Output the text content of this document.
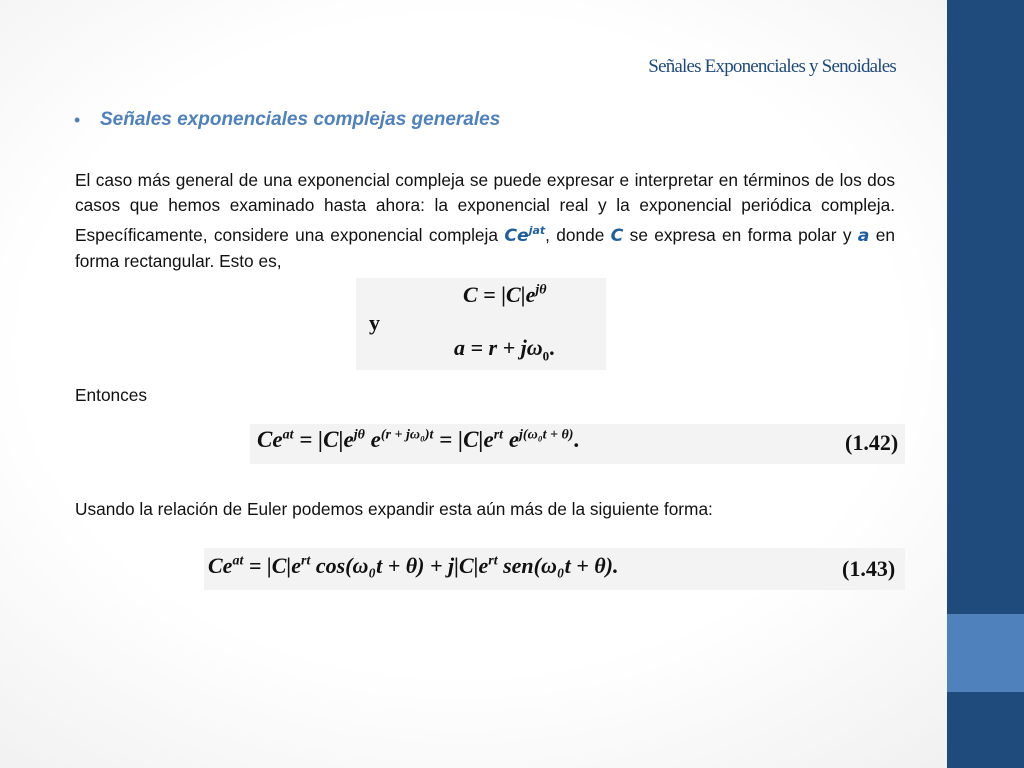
Señales Exponenciales y Senoidales
• Señales exponenciales complejas generales
El caso más general de una exponencial compleja se puede expresar e interpretar en términos de los dos casos que hemos examinado hasta ahora: la exponencial real y la exponencial periódica compleja. Específicamente, considere una exponencial compleja $Ce^{jat}$, donde C se expresa en forma polar y a en forma rectangular. Esto es,
y
$C = |C|e^{j\theta}$
$a = r + j\omega_0$.
Entonces
$Ce^{at} = |C|e^{j\theta}$ $e^{(r + j\omega_0)t} = |C|e^{rt}$ $e^{j(\omega_0t + \theta)}$.	(1.42)
Usando la relación de Euler podemos expandir esta aún más de la siguiente forma:
$Ce^{at} = |C|e^{rt}$ $\cos(\omega_0t + \theta) + j|C|e^{rt}$ sen(ω₀t + θ).	(1.43)
